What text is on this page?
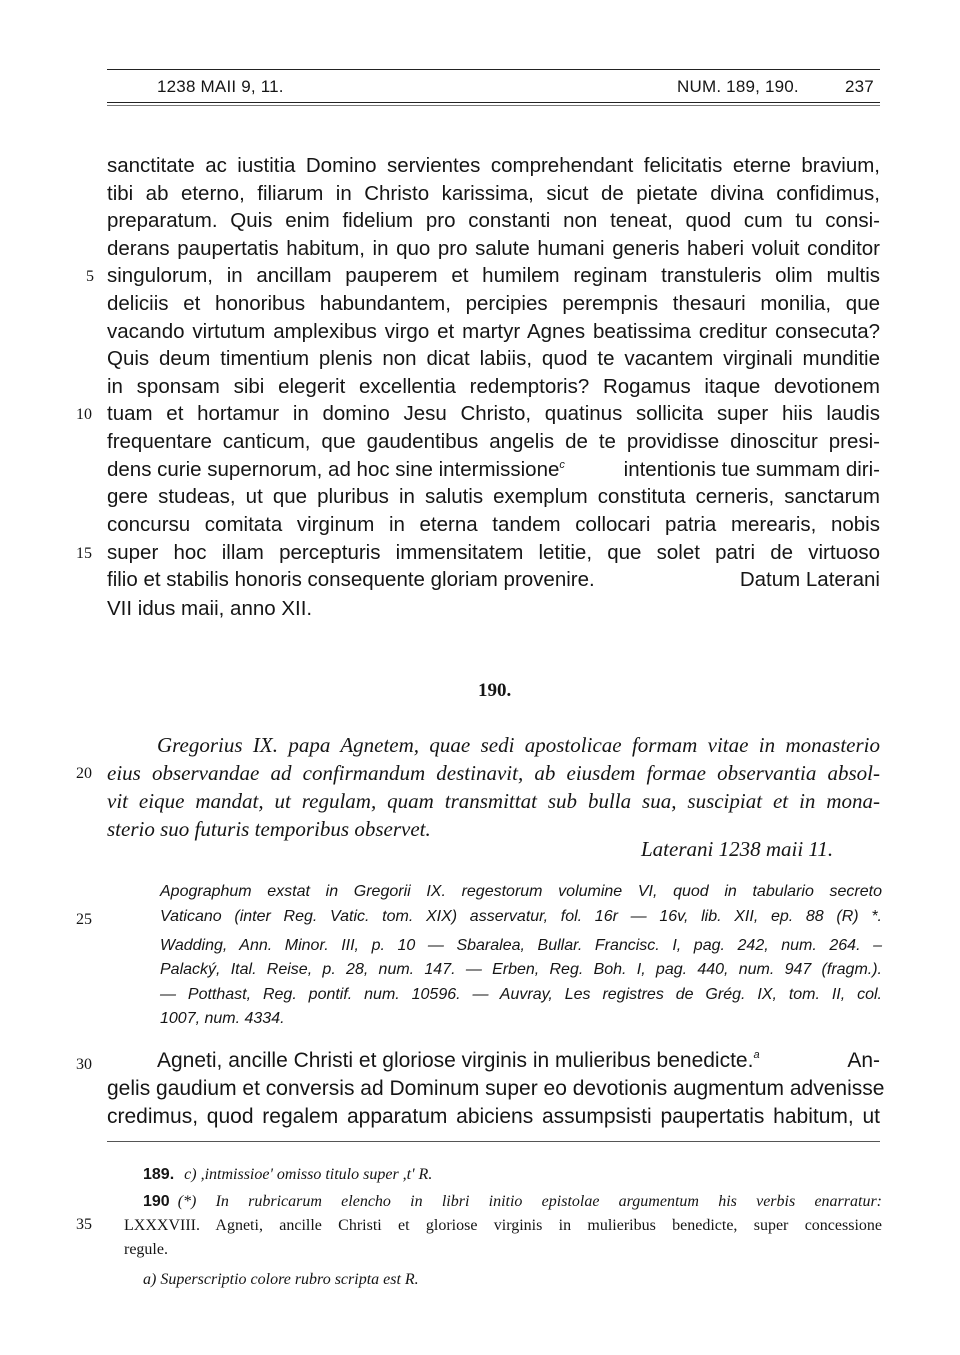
1238 MAII 9, 11.	NUM. 189, 190.	237
sanctitate ac iustitia Domino servientes comprehendant felicitatis eterne bravium,
tibi ab eterno, filiarum in Christo karissima, sicut de pietate divina confidimus,
preparatum. Quis enim fidelium pro constanti non teneat, quod cum tu consi-
derans paupertatis habitum, in quo pro salute humani generis haberi voluit conditor
singulorum, in ancillam pauperem et humilem reginam transtuleris olim multis
deliciis et honoribus habundantem, percipies perempnis thesauri monilia, que
vacando virtutum amplexibus virgo et martyr Agnes beatissima creditur consecuta?
Quis deum timentium plenis non dicat labiis, quod te vacantem virginali munditie
in sponsam sibi elegerit excellentia redemptoris? Rogamus itaque devotionem
tuam et hortamur in domino Jesu Christo, quatinus sollicita super hiis laudis
frequentare canticum, que gaudentibus angelis de te providisse dinoscitur presi-
dens curie supernorum, ad hoc sine intermissione c	intentionis tue summam diri-
gere studeas, ut que pluribus in salutis exemplum constituta cerneris, sanctarum
concursu comitata virginum in eterna tandem collocari patria merearis, nobis
super hoc illam percepturis immensitatem letitie, que solet patri de virtuoso
filio et stabilis honoris consequente gloriam provenire.	Datum Laterani
VII idus maii, anno XII.
5
10
15
20
25
30
35
190.
Gregorius IX. papa Agnetem, quae sedi apostolicae formam vitae in monasterio
eius observandae ad confirmandum destinavit, ab eiusdem formae observantia absol-
vit eique mandat, ut regulam, quam transmittat sub bulla sua, suscipiat et in mona-
sterio suo futuris temporibus observet.
Laterani 1238 maii 11.
Apographum exstat in Gregorii IX. regestorum volumine VI, quod in tabulario secreto
Vaticano (inter Reg. Vatic. tom. XIX) asservatur, fol. 16r — 16v, lib. XII, ep. 88 (R) *.
Wadding, Ann. Minor. III, p. 10 — Sbaralea, Bullar. Francisc. I, pag. 242, num. 264. –
Palacký, Ital. Reise, p. 28, num. 147. — Erben, Reg. Boh. I, pag. 440, num. 947 (fragm.).
— Potthast, Reg. pontif. num. 10596. — Auvray, Les registres de Grég. IX, tom. II, col.
1007, num. 4334.
Agneti, ancille Christi et gloriose virginis in mulieribus benedicte. a	An-
gelis gaudium et conversis ad Dominum super eo devotionis augmentum advenisse
credimus, quod regalem apparatum abiciens assumpsisti paupertatis habitum, ut
189. c) ,intmissioe' omisso titulo super ,t' R.
190 (*) In rubricarum elencho in libri initio epistolae argumentum his verbis enarratur:
LXXXVIII. Agneti, ancille Christi et gloriose virginis in mulieribus benedicte, super concessione
regule.
a) Superscriptio colore rubro scripta est R.
